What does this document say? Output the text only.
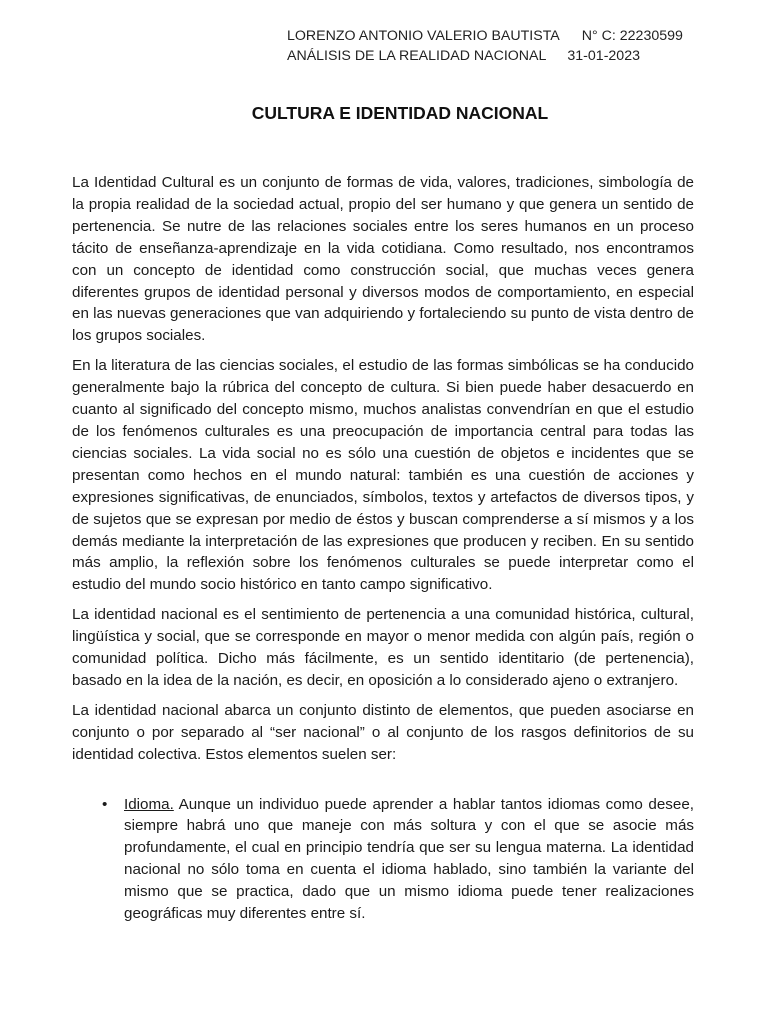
LORENZO ANTONIO VALERIO BAUTISTA N° C: 22230599
ANÁLISIS DE LA REALIDAD NACIONAL 31-01-2023
CULTURA E IDENTIDAD NACIONAL

La Identidad Cultural es un conjunto de formas de vida, valores, tradiciones, simbología de la propia realidad de la sociedad actual, propio del ser humano y que genera un sentido de pertenencia. Se nutre de las relaciones sociales entre los seres humanos en un proceso tácito de enseñanza-aprendizaje en la vida cotidiana. Como resultado, nos encontramos con un concepto de identidad como construcción social, que muchas veces genera diferentes grupos de identidad personal y diversos modos de comportamiento, en especial en las nuevas generaciones que van adquiriendo y fortaleciendo su punto de vista dentro de los grupos sociales.

En la literatura de las ciencias sociales, el estudio de las formas simbólicas se ha conducido generalmente bajo la rúbrica del concepto de cultura. Si bien puede haber desacuerdo en cuanto al significado del concepto mismo, muchos analistas convendrían en que el estudio de los fenómenos culturales es una preocupación de importancia central para todas las ciencias sociales. La vida social no es sólo una cuestión de objetos e incidentes que se presentan como hechos en el mundo natural: también es una cuestión de acciones y expresiones significativas, de enunciados, símbolos, textos y artefactos de diversos tipos, y de sujetos que se expresan por medio de éstos y buscan comprenderse a sí mismos y a los demás mediante la interpretación de las expresiones que producen y reciben. En su sentido más amplio, la reflexión sobre los fenómenos culturales se puede interpretar como el estudio del mundo socio histórico en tanto campo significativo.

La identidad nacional es el sentimiento de pertenencia a una comunidad histórica, cultural, lingüística y social, que se corresponde en mayor o menor medida con algún país, región o comunidad política. Dicho más fácilmente, es un sentido identitario (de pertenencia), basado en la idea de la nación, es decir, en oposición a lo considerado ajeno o extranjero.

La identidad nacional abarca un conjunto distinto de elementos, que pueden asociarse en conjunto o por separado al “ser nacional” o al conjunto de los rasgos definitorios de su identidad colectiva. Estos elementos suelen ser:

• Idioma. Aunque un individuo puede aprender a hablar tantos idiomas como desee, siempre habrá uno que maneje con más soltura y con el que se asocie más profundamente, el cual en principio tendría que ser su lengua materna. La identidad nacional no sólo toma en cuenta el idioma hablado, sino también la variante del mismo que se practica, dado que un mismo idioma puede tener realizaciones geográficas muy diferentes entre sí.
